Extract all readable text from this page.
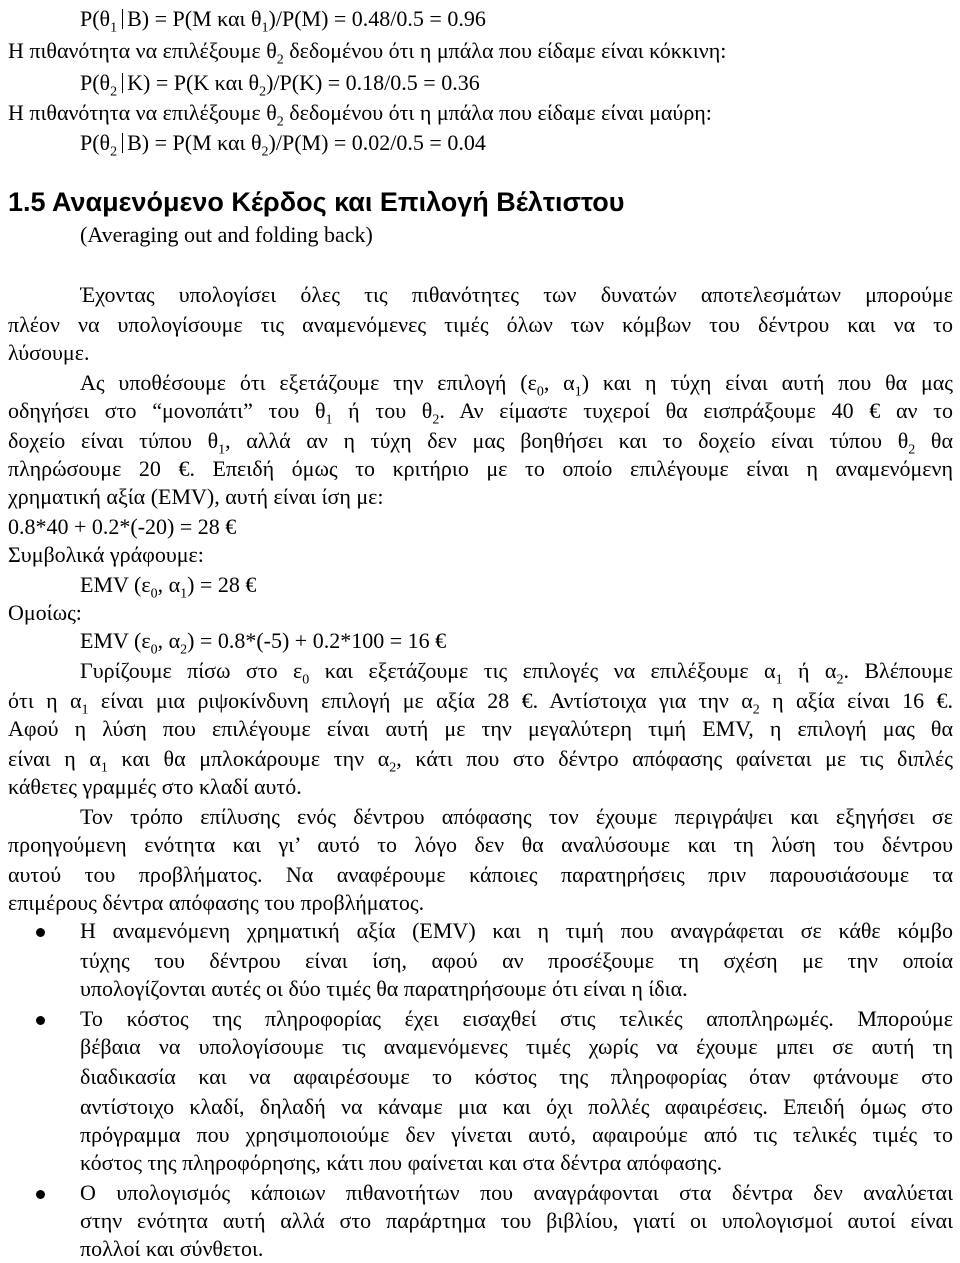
$P(\theta_1$ B) = P(M και $\theta_1)/P(M) = 0.48/0.5 = 0.96$
Η πιθανότητα να επιλέξουμε $\theta_2$ δεδομένου ότι η μπάλα που είδαμε είναι κόκκινη:
$P(\theta_2$ K) = P(K και $\theta_2)/P(K) = 0.18/0.5 = 0.36$
Η πιθανότητα να επιλέξουμε $\theta_2$ δεδομένου ότι η μπάλα που είδαμε είναι μαύρη:
$P(\theta_2$ B) = P(M και $\theta_2)/P(M) = 0.02/0.5 = 0.04$
1.5 Αναμενόμενο Κέρδος και Επιλογή Βέλτιστου
(Averaging out and folding back)
Έχοντας υπολογίσει όλες τις πιθανότητες των δυνατών αποτελεσμάτων μπορούμε
πλέον να υπολογίσουμε τις αναμενόμενες τιμές όλων των κόμβων του δέντρου και να το
λύσουμε.
Ας υποθέσουμε ότι εξετάζουμε την επιλογή ($\varepsilon_0$, $\alpha_1$) και η τύχη είναι αυτή που θα μας
οδηγήσει στο “μονοπάτι” του $\theta_1$ ή του $\theta_2$. Αν είμαστε τυχεροί θα εισπράξουμε 40 € αν το
δοχείο είναι τύπου $\theta_1$, αλλά αν η τύχη δεν μας βοηθήσει και το δοχείο είναι τύπου $\theta_2$ θα
πληρώσουμε 20 €. Επειδή όμως το κριτήριο με το οποίο επιλέγουμε είναι η αναμενόμενη
χρηματική αξία (EMV), αυτή είναι ίση με:
0.8*40 + 0.2*(-20) = 28 €
Συμβολικά γράφουμε:
EMV ($\varepsilon_0$, $\alpha_1) = 28$ €
Ομοίως:
EMV ($\varepsilon_0$, $\alpha_2) = 0.8*(-5) + 0.2*100 = 16$ €
Γυρίζουμε πίσω στο $\varepsilon_0$ και εξετάζουμε τις επιλογές να επιλέξουμε $\alpha_1$ ή $\alpha_2$. Βλέπουμε
ότι η $\alpha_1$ είναι μια ριψοκίνδυνη επιλογή με αξία 28 €. Αντίστοιχα για την $\alpha_2$ η αξία είναι 16 €.
Αφού η λύση που επιλέγουμε είναι αυτή με την μεγαλύτερη τιμή EMV, η επιλογή μας θα
είναι η $\alpha_1$ και θα μπλοκάρουμε την $\alpha_2$, κάτι που στο δέντρο απόφασης φαίνεται με τις διπλές
κάθετες γραμμές στο κλαδί αυτό.
Τον τρόπο επίλυσης ενός δέντρου απόφασης τον έχουμε περιγράψει και εξηγήσει σε
προηγούμενη ενότητα και γι’ αυτό το λόγο δεν θα αναλύσουμε και τη λύση του δέντρου
αυτού του προβλήματος. Να αναφέρουμε κάποιες παρατηρήσεις πριν παρουσιάσουμε τα
επιμέρους δέντρα απόφασης του προβλήματος.
Η αναμενόμενη χρηματική αξία (EMV) και η τιμή που αναγράφεται σε κάθε κόμβο
τύχης του δέντρου είναι ίση, αφού αν προσέξουμε τη σχέση με την οποία
υπολογίζονται αυτές οι δύο τιμές θα παρατηρήσουμε ότι είναι η ίδια.
Το κόστος της πληροφορίας έχει εισαχθεί στις τελικές αποπληρωμές. Μπορούμε
βέβαια να υπολογίσουμε τις αναμενόμενες τιμές χωρίς να έχουμε μπει σε αυτή τη
διαδικασία και να αφαιρέσουμε το κόστος της πληροφορίας όταν φτάνουμε στο
αντίστοιχο κλαδί, δηλαδή να κάναμε μια και όχι πολλές αφαιρέσεις. Επειδή όμως στο
πρόγραμμα που χρησιμοποιούμε δεν γίνεται αυτό, αφαιρούμε από τις τελικές τιμές το
κόστος της πληροφόρησης, κάτι που φαίνεται και στα δέντρα απόφασης.
Ο υπολογισμός κάποιων πιθανοτήτων που αναγράφονται στα δέντρα δεν αναλύεται
στην ενότητα αυτή αλλά στο παράρτημα του βιβλίου, γιατί οι υπολογισμοί αυτοί είναι
πολλοί και σύνθετοι.
